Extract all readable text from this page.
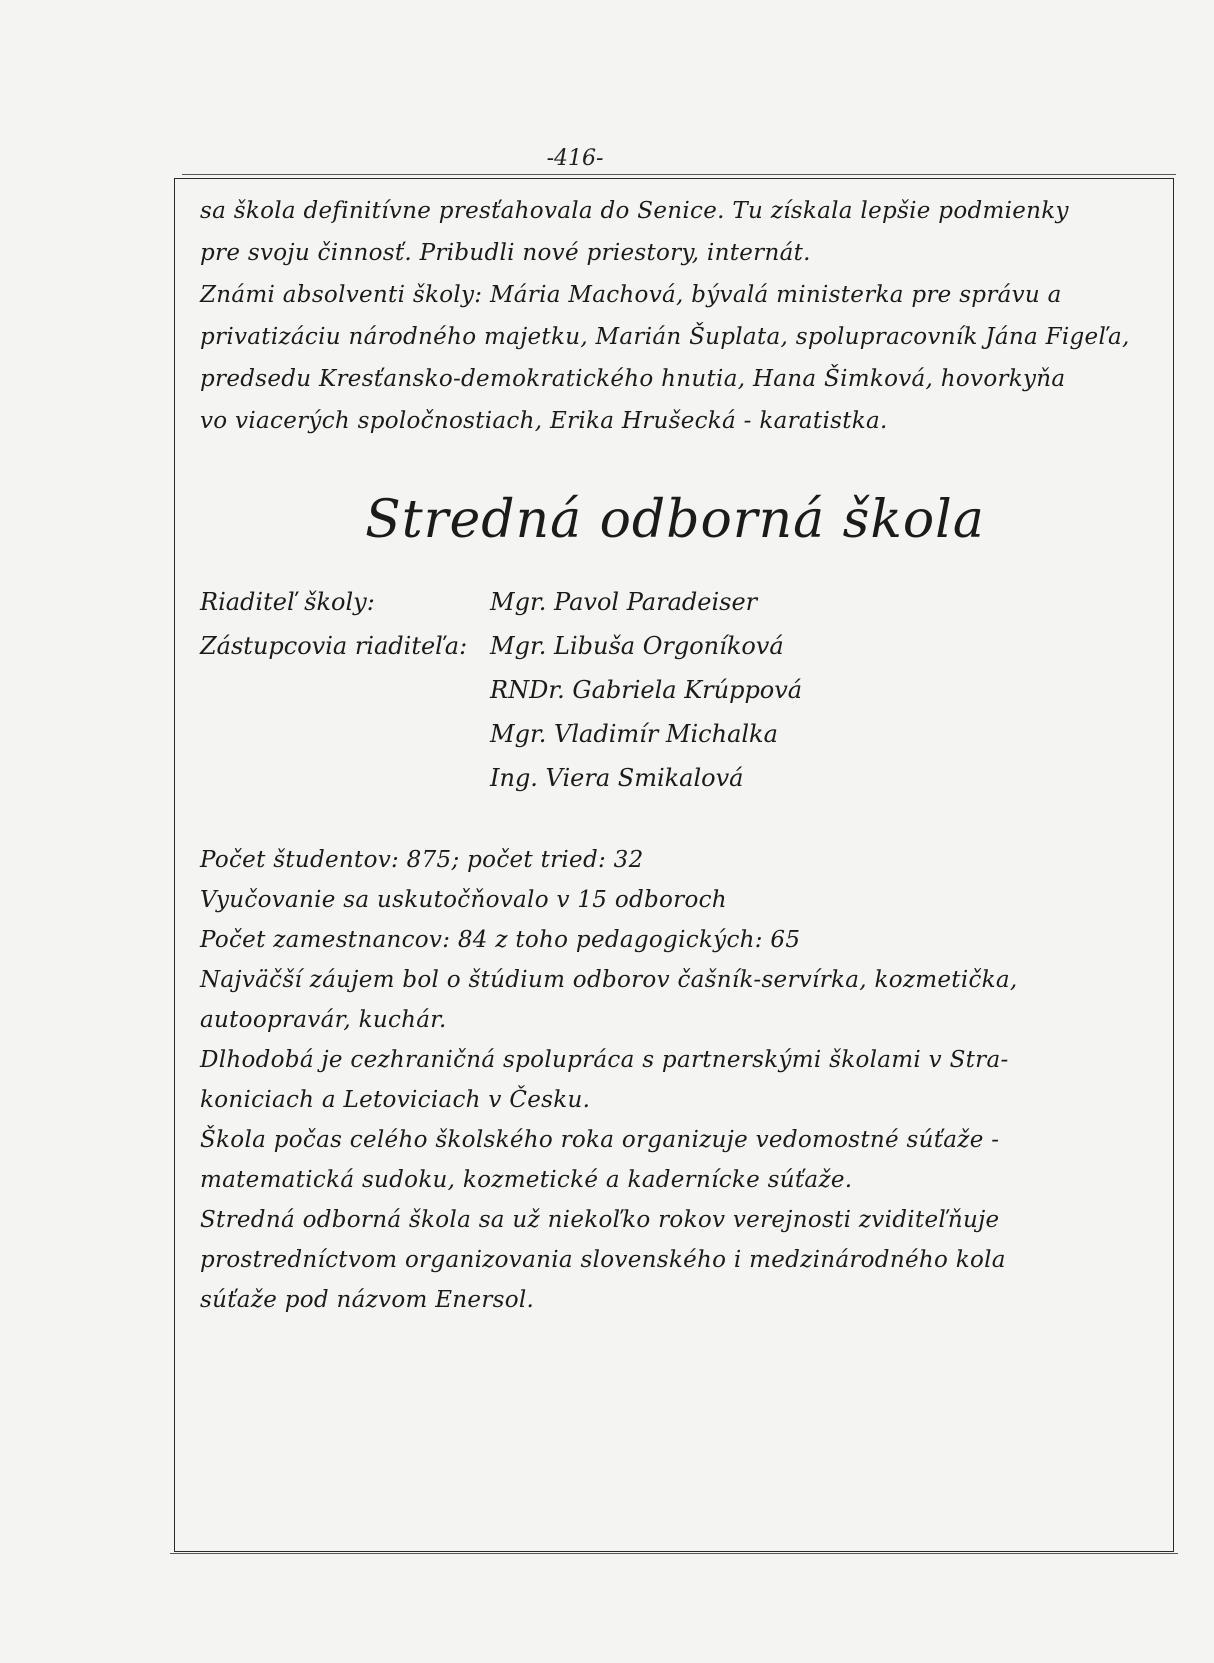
-416-

sa škola definitívne presťahovala do Senice. Tu získala lepšie podmienky

pre svoju činnosť. Pribudli nové priestory, internát.

Známi absolventi školy: Mária Machová, bývalá ministerka pre správu a

privatizáciu národného majetku, Marián Šuplata, spolupracovník Jána Figeľa,

predsedu Kresťansko-demokratického hnutia, Hana Šimková, hovorkyňa

vo viacerých spoločnostiach, Erika Hrušecká - karatistka.

Stredná odborná škola
Riaditeľ školy:	Mgr. Pavol Paradeiser
Zástupcovia riaditeľa: Mgr. Libuša Orgoníková
RNDr. Gabriela Krúppová
Mgr. Vladimír Michalka
Ing. Viera Smikalová

Počet študentov: 875; počet tried: 32

Vyučovanie sa uskutočňovalo v 15 odboroch

Počet zamestnancov: 84 z toho pedagogických: 65

Najväčší záujem bol o štúdium odborov čašník-servírka, kozmetička,

autoopravár, kuchár.

Dlhodobá je cezhraničná spolupráca s partnerskými školami v Stra-

koniciach a Letoviciach v Česku.

Škola počas celého školského roka organizuje vedomostné súťaže -

matematická sudoku, kozmetické a kadernícke súťaže.

Stredná odborná škola sa už niekoľko rokov verejnosti zviditeľňuje

prostredníctvom organizovania slovenského i medzinárodného kola

súťaže pod názvom Enersol.
